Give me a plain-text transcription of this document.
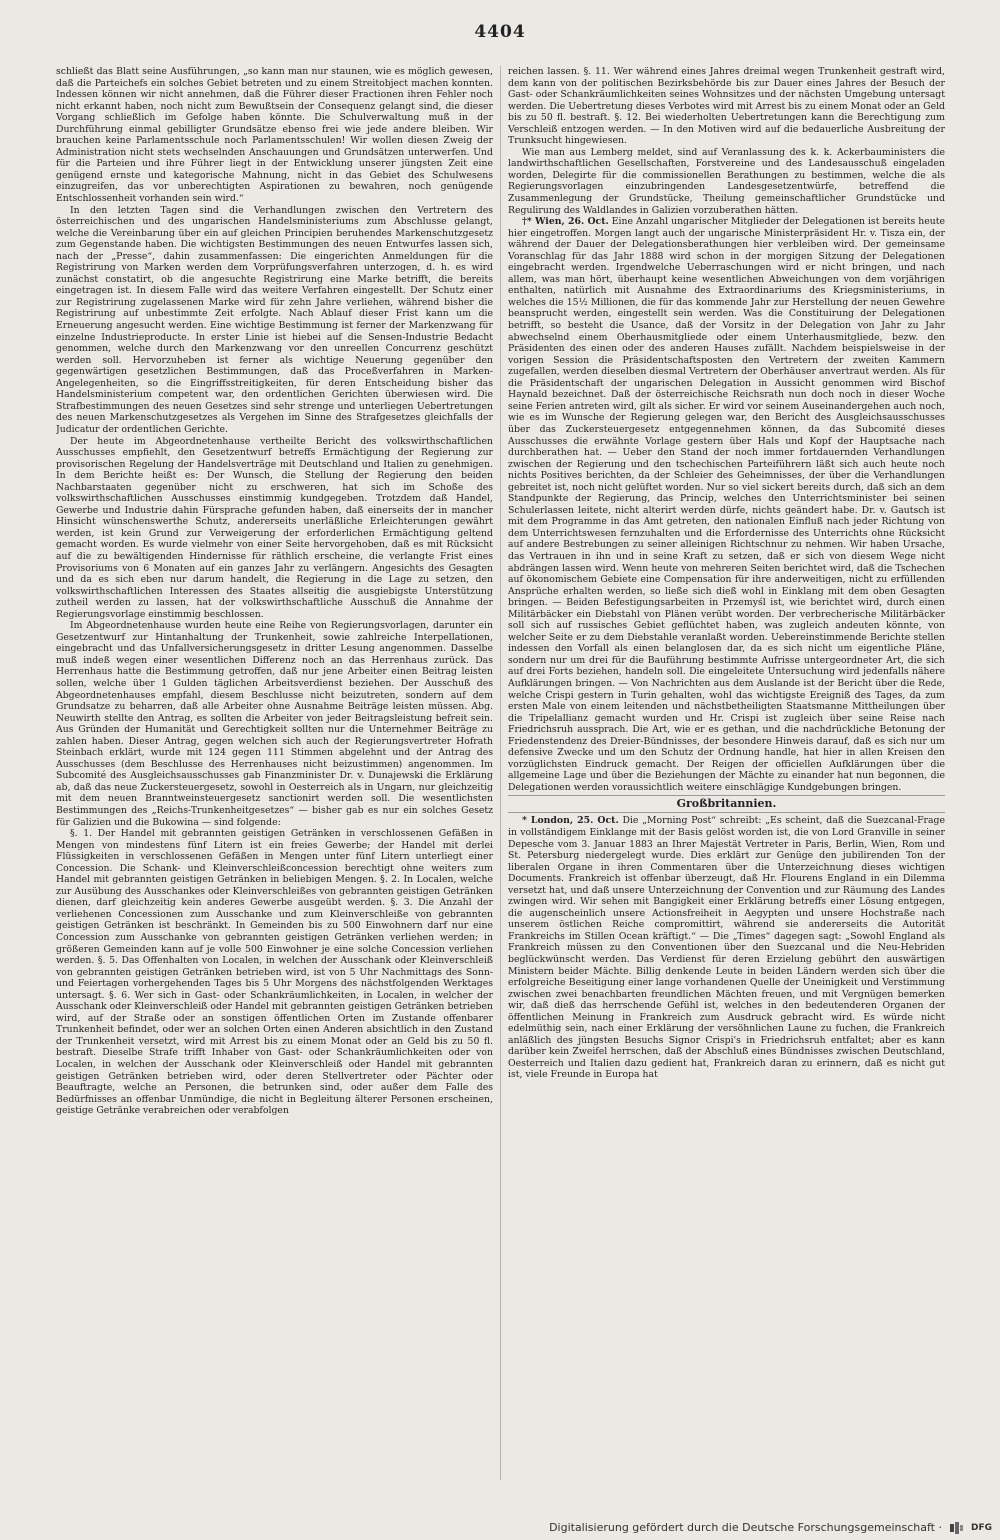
4404

schließt das Blatt seine Ausführungen, „so kann man nur staunen, wie es möglich gewesen, daß die Parteichefs ein solches Gebiet betreten und zu einem Streitobject machen konnten. Indessen können wir nicht annehmen, daß die Führer dieser Fractionen ihren Fehler noch nicht erkannt haben, noch nicht zum Bewußtsein der Consequenz gelangt sind, die dieser Vorgang schließlich im Gefolge haben könnte. Die Schulverwaltung muß in der Durchführung einmal gebilligter Grundsätze ebenso frei wie jede andere bleiben. Wir brauchen keine Parlamentsschule noch Parlamentsschulen! Wir wollen diesen Zweig der Administration nicht stets wechselnden Anschauungen und Grundsätzen unterwerfen. Und für die Parteien und ihre Führer liegt in der Entwicklung unserer jüngsten Zeit eine genügend ernste und kategorische Mahnung, nicht in das Gebiet des Schulwesens einzugreifen, das vor unberechtigten Aspirationen zu bewahren, noch genügende Entschlossenheit vorhanden sein wird.“

In den letzten Tagen sind die Verhandlungen zwischen den Vertretern des österreichischen und des ungarischen Handelsministeriums zum Abschlusse gelangt, welche die Vereinbarung über ein auf gleichen Principien beruhendes Markenschutzgesetz zum Gegenstande haben. Die wichtigsten Bestimmungen des neuen Entwurfes lassen sich, nach der „Presse“, dahin zusammenfassen: Die eingerichten Anmeldungen für die Registrirung von Marken werden dem Vorprüfungsverfahren unterzogen, d. h. es wird zunächst constatirt, ob die angesuchte Registrirung eine Marke betrifft, die bereits eingetragen ist. In diesem Falle wird das weitere Verfahren eingestellt. Der Schutz einer zur Registrirung zugelassenen Marke wird für zehn Jahre verliehen, während bisher die Registrirung auf unbestimmte Zeit erfolgte. Nach Ablauf dieser Frist kann um die Erneuerung angesucht werden. Eine wichtige Bestimmung ist ferner der Markenzwang für einzelne Industrieproducte. In erster Linie ist hiebei auf die Sensen-Industrie Bedacht genommen, welche durch den Markenzwang vor den unreellen Concurrenz geschützt werden soll. Hervorzuheben ist ferner als wichtige Neuerung gegenüber den gegenwärtigen gesetzlichen Bestimmungen, daß das Proceßverfahren in Marken-Angelegenheiten, so die Eingriffsstreitigkeiten, für deren Entscheidung bisher das Handelsministerium competent war, den ordentlichen Gerichten überwiesen wird. Die Strafbestimmungen des neuen Gesetzes sind sehr strenge und unterliegen Uebertretungen des neuen Markenschutzgesetzes als Vergehen im Sinne des Strafgesetzes gleichfalls der Judicatur der ordentlichen Gerichte.

Der heute im Abgeordnetenhause vertheilte Bericht des volkswirthschaftlichen Ausschusses empfiehlt, den Gesetzentwurf betreffs Ermächtigung der Regierung zur provisorischen Regelung der Handelsverträge mit Deutschland und Italien zu genehmigen. In dem Berichte heißt es: Der Wunsch, die Stellung der Regierung den beiden Nachbarstaaten gegenüber nicht zu erschweren, hat sich im Schoße des volkswirthschaftlichen Ausschusses einstimmig kundgegeben. Trotzdem daß Handel, Gewerbe und Industrie dahin Fürsprache gefunden haben, daß einerseits der in mancher Hinsicht wünschenswerthe Schutz, andererseits unerläßliche Erleichterungen gewährt werden, ist kein Grund zur Verweigerung der erforderlichen Ermächtigung geltend gemacht worden. Es wurde vielmehr von einer Seite hervorgehoben, daß es mit Rücksicht auf die zu bewältigenden Hindernisse für räthlich erscheine, die verlangte Frist eines Provisoriums von 6 Monaten auf ein ganzes Jahr zu verlängern. Angesichts des Gesagten und da es sich eben nur darum handelt, die Regierung in die Lage zu setzen, den volkswirthschaftlichen Interessen des Staates allseitig die ausgiebigste Unterstützung zutheil werden zu lassen, hat der volkswirthschaftliche Ausschuß die Annahme der Regierungsvorlage einstimmig beschlossen.

Im Abgeordnetenhause wurden heute eine Reihe von Regierungsvorlagen, darunter ein Gesetzentwurf zur Hintanhaltung der Trunkenheit, sowie zahlreiche Interpellationen, eingebracht und das Unfallversicherungsgesetz in dritter Lesung angenommen. Dasselbe muß indeß wegen einer wesentlichen Differenz noch an das Herrenhaus zurück. Das Herrenhaus hatte die Bestimmung getroffen, daß nur jene Arbeiter einen Beitrag leisten sollen, welche über 1 Gulden täglichen Arbeitsverdienst beziehen. Der Ausschuß des Abgeordnetenhauses empfahl, diesem Beschlusse nicht beizutreten, sondern auf dem Grundsatze zu beharren, daß alle Arbeiter ohne Ausnahme Beiträge leisten müssen. Abg. Neuwirth stellte den Antrag, es sollten die Arbeiter von jeder Beitragsleistung befreit sein. Aus Gründen der Humanität und Gerechtigkeit sollten nur die Unternehmer Beiträge zu zahlen haben. Dieser Antrag, gegen welchen sich auch der Regierungsvertreter Hofrath Steinbach erklärt, wurde mit 124 gegen 111 Stimmen abgelehnt und der Antrag des Ausschusses (dem Beschlusse des Herrenhauses nicht beizustimmen) angenommen. Im Subcomité des Ausgleichsausschusses gab Finanzminister Dr. v. Dunajewski die Erklärung ab, daß das neue Zuckersteuergesetz, sowohl in Oesterreich als in Ungarn, nur gleichzeitig mit dem neuen Branntweinsteuergesetz sanctionirt werden soll. Die wesentlichsten Bestimmungen des „Reichs-Trunkenheitgesetzes“ — bisher gab es nur ein solches Gesetz für Galizien und die Bukowina — sind folgende:

§. 1. Der Handel mit gebrannten geistigen Getränken in verschlossenen Gefäßen in Mengen von mindestens fünf Litern ist ein freies Gewerbe; der Handel mit derlei Flüssigkeiten in verschlossenen Gefäßen in Mengen unter fünf Litern unterliegt einer Concession. Die Schank- und Kleinverschleißconcession berechtigt ohne weiters zum Handel mit gebrannten geistigen Getränken in beliebigen Mengen. §. 2. In Localen, welche zur Ausübung des Ausschankes oder Kleinverschleißes von gebrannten geistigen Getränken dienen, darf gleichzeitig kein anderes Gewerbe ausgeübt werden. §. 3. Die Anzahl der verliehenen Concessionen zum Ausschanke und zum Kleinverschleiße von gebrannten geistigen Getränken ist beschränkt. In Gemeinden bis zu 500 Einwohnern darf nur eine Concession zum Ausschanke von gebrannten geistigen Getränken verliehen werden; in größeren Gemeinden kann auf je volle 500 Einwohner je eine solche Concession verliehen werden. §. 5. Das Offenhalten von Localen, in welchen der Ausschank oder Kleinverschleiß von gebrannten geistigen Getränken betrieben wird, ist von 5 Uhr Nachmittags des Sonn- und Feiertagen vorhergehenden Tages bis 5 Uhr Morgens des nächstfolgenden Werktages untersagt. §. 6. Wer sich in Gast- oder Schankräumlichkeiten, in Localen, in welcher der Ausschank oder Kleinverschleiß oder Handel mit gebrannten geistigen Getränken betrieben wird, auf der Straße oder an sonstigen öffentlichen Orten im Zustande offenbarer Trunkenheit befindet, oder wer an solchen Orten einen Anderen absichtlich in den Zustand der Trunkenheit versetzt, wird mit Arrest bis zu einem Monat oder an Geld bis zu 50 fl. bestraft. Dieselbe Strafe trifft Inhaber von Gast- oder Schankräumlichkeiten oder von Localen, in welchen der Ausschank oder Kleinverschleiß oder Handel mit gebrannten geistigen Getränken betrieben wird, oder deren Stellvertreter oder Pächter oder Beauftragte, welche an Personen, die betrunken sind, oder außer dem Falle des Bedürfnisses an offenbar Unmündige, die nicht in Begleitung älterer Personen erscheinen, geistige Getränke verabreichen oder verabfolgen

reichen lassen. §. 11. Wer während eines Jahres dreimal wegen Trunkenheit gestraft wird, dem kann von der politischen Bezirksbehörde bis zur Dauer eines Jahres der Besuch der Gast- oder Schankräumlichkeiten seines Wohnsitzes und der nächsten Umgebung untersagt werden. Die Uebertretung dieses Verbotes wird mit Arrest bis zu einem Monat oder an Geld bis zu 50 fl. bestraft. §. 12. Bei wiederholten Uebertretungen kann die Berechtigung zum Verschleiß entzogen werden. — In den Motiven wird auf die bedauerliche Ausbreitung der Trunksucht hingewiesen.

Wie man aus Lemberg meldet, sind auf Veranlassung des k. k. Ackerbauministers die landwirthschaftlichen Gesellschaften, Forstvereine und des Landesausschuß eingeladen worden, Delegirte für die commissionellen Berathungen zu bestimmen, welche die als Regierungsvorlagen einzubringenden Landesgesetzentwürfe, betreffend die Zusammenlegung der Grundstücke, Theilung gemeinschaftlicher Grundstücke und Regulirung des Waldlandes in Galizien vorzuberathen hätten.

†* Wien, 26. Oct. Eine Anzahl ungarischer Mitglieder der Delegationen ist bereits heute hier eingetroffen. Morgen langt auch der ungarische Ministerpräsident Hr. v. Tisza ein, der während der Dauer der Delegationsberathungen hier verbleiben wird. Der gemeinsame Voranschlag für das Jahr 1888 wird schon in der morgigen Sitzung der Delegationen eingebracht werden. Irgendwelche Ueberraschungen wird er nicht bringen, und nach allem, was man hört, überhaupt keine wesentlichen Abweichungen von dem vorjährigen enthalten, natürlich mit Ausnahme des Extraordinariums des Kriegsministeriums, in welches die 15½ Millionen, die für das kommende Jahr zur Herstellung der neuen Gewehre beansprucht werden, eingestellt sein werden. Was die Constituirung der Delegationen betrifft, so besteht die Usance, daß der Vorsitz in der Delegation von Jahr zu Jahr abwechselnd einem Oberhausmitgliede oder einem Unterhausmitgliede, bezw. den Präsidenten des einen oder des anderen Hauses zufällt. Nachdem beispielsweise in der vorigen Session die Präsidentschaftsposten den Vertretern der zweiten Kammern zugefallen, werden dieselben diesmal Vertretern der Oberhäuser anvertraut werden. Als für die Präsidentschaft der ungarischen Delegation in Aussicht genommen wird Bischof Haynald bezeichnet. Daß der österreichische Reichsrath nun doch noch in dieser Woche seine Ferien antreten wird, gilt als sicher. Er wird vor seinem Auseinandergehen auch noch, wie es im Wunsche der Regierung gelegen war, den Bericht des Ausgleichsausschusses über das Zuckersteuergesetz entgegennehmen können, da das Subcomité dieses Ausschusses die erwähnte Vorlage gestern über Hals und Kopf der Hauptsache nach durchberathen hat. — Ueber den Stand der noch immer fortdauernden Verhandlungen zwischen der Regierung und den tschechischen Parteiführern läßt sich auch heute noch nichts Positives berichten, da der Schleier des Geheimnisses, der über die Verhandlungen gebreitet ist, noch nicht gelüftet worden. Nur so viel sickert bereits durch, daß sich an dem Standpunkte der Regierung, das Princip, welches den Unterrichtsminister bei seinen Schulerlassen leitete, nicht alterirt werden dürfe, nichts geändert habe. Dr. v. Gautsch ist mit dem Programme in das Amt getreten, den nationalen Einfluß nach jeder Richtung von dem Unterrichtswesen fernzuhalten und die Erfordernisse des Unterrichts ohne Rücksicht auf andere Bestrebungen zu seiner alleinigen Richtschnur zu nehmen. Wir haben Ursache, das Vertrauen in ihn und in seine Kraft zu setzen, daß er sich von diesem Wege nicht abdrängen lassen wird. Wenn heute von mehreren Seiten berichtet wird, daß die Tschechen auf ökonomischem Gebiete eine Compensation für ihre anderweitigen, nicht zu erfüllenden Ansprüche erhalten werden, so ließe sich dieß wohl in Einklang mit dem oben Gesagten bringen. — Beiden Befestigungsarbeiten in Przemyśl ist, wie berichtet wird, durch einen Militärbäcker ein Diebstahl von Plänen verübt worden. Der verbrecherische Militärbäcker soll sich auf russisches Gebiet geflüchtet haben, was zugleich andeuten könnte, von welcher Seite er zu dem Diebstahle veranlaßt worden. Uebereinstimmende Berichte stellen indessen den Vorfall als einen belanglosen dar, da es sich nicht um eigentliche Pläne, sondern nur um drei für die Bauführung bestimmte Aufrisse untergeordneter Art, die sich auf drei Forts beziehen, handeln soll. Die eingeleitete Untersuchung wird jedenfalls nähere Aufklärungen bringen. — Von Nachrichten aus dem Auslande ist der Bericht über die Rede, welche Crispi gestern in Turin gehalten, wohl das wichtigste Ereigniß des Tages, da zum ersten Male von einem leitenden und nächstbetheiligten Staatsmanne Mittheilungen über die Tripelallianz gemacht wurden und Hr. Crispi ist zugleich über seine Reise nach Friedrichsruh aussprach. Die Art, wie er es gethan, und die nachdrückliche Betonung der Friedenstendenz des Dreier-Bündnisses, der besondere Hinweis darauf, daß es sich nur um defensive Zwecke und um den Schutz der Ordnung handle, hat hier in allen Kreisen den vorzüglichsten Eindruck gemacht. Der Reigen der officiellen Aufklärungen über die allgemeine Lage und über die Beziehungen der Mächte zu einander hat nun begonnen, die Delegationen werden voraussichtlich weitere einschlägige Kundgebungen bringen.

Großbritannien.

* London, 25. Oct. Die „Morning Post“ schreibt: „Es scheint, daß die Suezcanal-Frage in vollständigem Einklange mit der Basis gelöst worden ist, die von Lord Granville in seiner Depesche vom 3. Januar 1883 an Ihrer Majestät Vertreter in Paris, Berlin, Wien, Rom und St. Petersburg niedergelegt wurde. Dies erklärt zur Genüge den jubilirenden Ton der liberalen Organe in ihren Commentaren über die Unterzeichnung dieses wichtigen Documents. Frankreich ist offenbar überzeugt, daß Hr. Flourens England in ein Dilemma versetzt hat, und daß unsere Unterzeichnung der Convention und zur Räumung des Landes zwingen wird. Wir sehen mit Bangigkeit einer Erklärung betreffs einer Lösung entgegen, die augenscheinlich unsere Actionsfreiheit in Aegypten und unsere Hochstraße nach unserem östlichen Reiche compromittirt, während sie andererseits die Autorität Frankreichs im Stillen Ocean kräftigt.“ — Die „Times“ dagegen sagt: „Sowohl England als Frankreich müssen zu den Conventionen über den Suezcanal und die Neu-Hebriden beglückwünscht werden. Das Verdienst für deren Erzielung gebührt den auswärtigen Ministern beider Mächte. Billig denkende Leute in beiden Ländern werden sich über die erfolgreiche Beseitigung einer lange vorhandenen Quelle der Uneinigkeit und Verstimmung zwischen zwei benachbarten freundlichen Mächten freuen, und mit Vergnügen bemerken wir, daß dieß das herrschende Gefühl ist, welches in den bedeutenderen Organen der öffentlichen Meinung in Frankreich zum Ausdruck gebracht wird. Es würde nicht edelmüthig sein, nach einer Erklärung der versöhnlichen Laune zu fuchen, die Frankreich anläßlich des jüngsten Besuchs Signor Crispi's in Friedrichsruh entfaltet; aber es kann darüber kein Zweifel herrschen, daß der Abschluß eines Bündnisses zwischen Deutschland, Oesterreich und Italien dazu gedient hat, Frankreich daran zu erinnern, daß es nicht gut ist, viele Freunde in Europa hat

Digitalisierung gefördert durch die Deutsche Forschungsgemeinschaft ·	DFG
